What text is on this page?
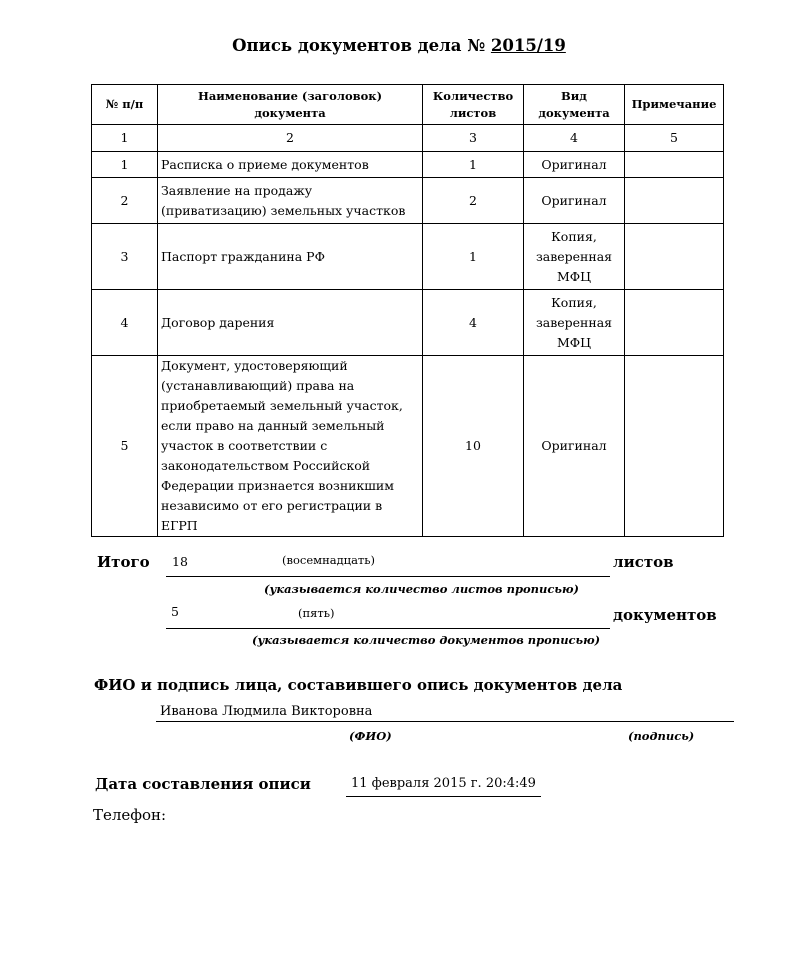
Опись документов дела № 2015/19
№ п/п	Наименование (заголовок) документа	Количество листов	Вид документа	Примечание
1	2	3	4	5
1	Расписка о приеме документов	1	Оригинал	
2	Заявление на продажу (приватизацию) земельных участков	2	Оригинал	
3	Паспорт гражданина РФ	1	Копия, заверенная МФЦ	
4	Договор дарения	4	Копия, заверенная МФЦ	
5	Документ, удостоверяющий (устанавливающий) права на приобретаемый земельный участок, если право на данный земельный участок в соответствии с законодательством Российской Федерации признается возникшим независимо от его регистрации в ЕГРП	10	Оригинал	
Итого 18	(восемнадцать)	листов
(указывается количество листов прописью)
5	(пять)	документов
(указывается количество документов прописью)
ФИО и подпись лица, составившего опись документов дела
Иванова Людмила Викторовна
(ФИО)	(подпись)
Дата составления описи	11 февраля 2015 г. 20:4:49
Телефон:
